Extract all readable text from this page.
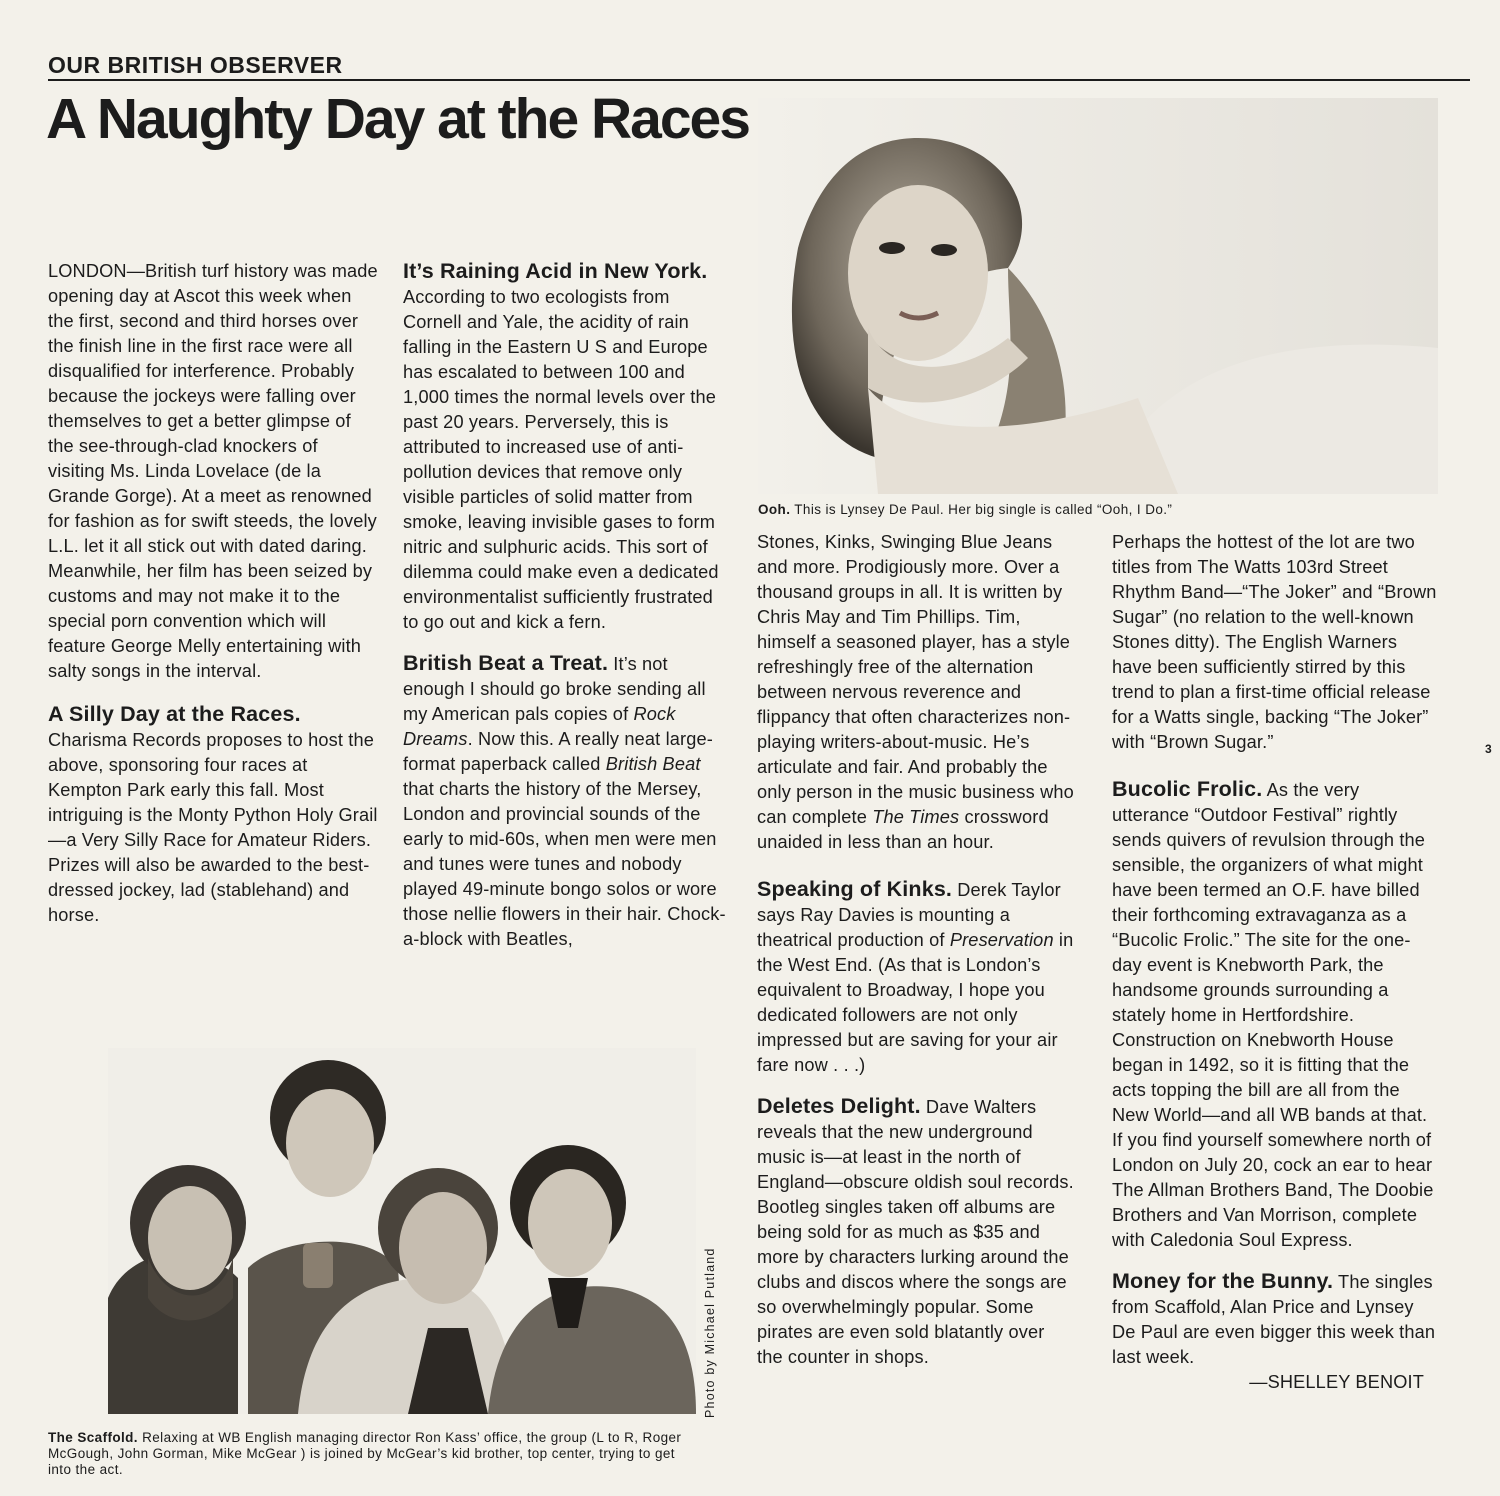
OUR BRITISH OBSERVER
A Naughty Day at the Races
Ooh. This is Lynsey De Paul. Her big single is called “Ooh, I Do.”
Photo by Michael Putland
The Scaffold. Relaxing at WB English managing director Ron Kass’ office, the group (L to R, Roger McGough, John Gorman, Mike McGear ) is joined by McGear’s kid brother, top center, trying to get into the act.
3

LONDON—British turf history was made opening day at Ascot this week when the first, second and third horses over the finish line in the first race were all disqualified for interference. Probably because the jockeys were falling over themselves to get a better glimpse of the see-through-clad knockers of visiting Ms. Linda Lovelace (de la Grande Gorge). At a meet as renowned for fashion as for swift steeds, the lovely L.L. let it all stick out with dated daring. Meanwhile, her film has been seized by customs and may not make it to the special porn convention which will feature George Melly entertaining with salty songs in the interval.

A Silly Day at the Races.
Charisma Records proposes to host the above, sponsoring four races at Kempton Park early this fall. Most intriguing is the Monty Python Holy Grail—a Very Silly Race for Amateur Riders. Prizes will also be awarded to the best-dressed jockey, lad (stablehand) and horse.

It’s Raining Acid in New York. According to two ecologists from Cornell and Yale, the acidity of rain falling in the Eastern U S and Europe has escalated to between 100 and 1,000 times the normal levels over the past 20 years. Perversely, this is attributed to increased use of anti-pollution devices that remove only visible particles of solid matter from smoke, leaving invisible gases to form nitric and sulphuric acids. This sort of dilemma could make even a dedicated environmentalist sufficiently frustrated to go out and kick a fern.

British Beat a Treat. It’s not enough I should go broke sending all my American pals copies of Rock Dreams. Now this. A really neat large-format paperback called British Beat that charts the history of the Mersey, London and provincial sounds of the early to mid-60s, when men were men and tunes were tunes and nobody played 49-minute bongo solos or wore those nellie flowers in their hair. Chock-a-block with Beatles,

Stones, Kinks, Swinging Blue Jeans and more. Prodigiously more. Over a thousand groups in all. It is written by Chris May and Tim Phillips. Tim, himself a seasoned player, has a style refreshingly free of the alternation between nervous reverence and flippancy that often characterizes non-playing writers-about-music. He’s articulate and fair. And probably the only person in the music business who can complete The Times crossword unaided in less than an hour.

Speaking of Kinks. Derek Taylor says Ray Davies is mounting a theatrical production of Preservation in the West End. (As that is London’s equivalent to Broadway, I hope you dedicated followers are not only impressed but are saving for your air fare now . . .)

Deletes Delight. Dave Walters reveals that the new underground music is—at least in the north of England—obscure oldish soul records. Bootleg singles taken off albums are being sold for as much as $35 and more by characters lurking around the clubs and discos where the songs are so overwhelmingly popular. Some pirates are even sold blatantly over the counter in shops.

Perhaps the hottest of the lot are two titles from The Watts 103rd Street Rhythm Band—“The Joker” and “Brown Sugar” (no relation to the well-known Stones ditty). The English Warners have been sufficiently stirred by this trend to plan a first-time official release for a Watts single, backing “The Joker” with “Brown Sugar.”

Bucolic Frolic. As the very utterance “Outdoor Festival” rightly sends quivers of revulsion through the sensible, the organizers of what might have been termed an O.F. have billed their forthcoming extravaganza as a “Bucolic Frolic.” The site for the one-day event is Knebworth Park, the handsome grounds surrounding a stately home in Hertfordshire. Construction on Knebworth House began in 1492, so it is fitting that the acts topping the bill are all from the New World—and all WB bands at that. If you find yourself somewhere north of London on July 20, cock an ear to hear The Allman Brothers Band, The Doobie Brothers and Van Morrison, complete with Caledonia Soul Express.

Money for the Bunny. The singles from Scaffold, Alan Price and Lynsey De Paul are even bigger this week than last week.

—SHELLEY BENOIT
